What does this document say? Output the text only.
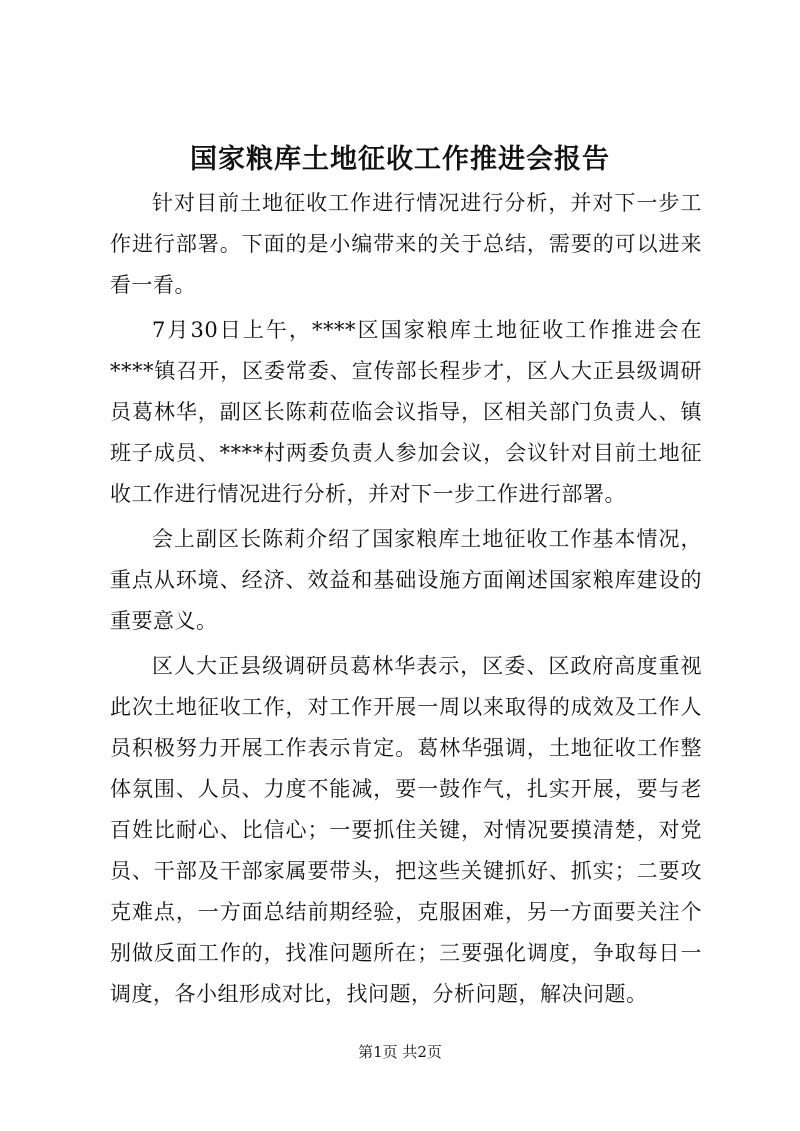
国家粮库土地征收工作推进会报告

针对目前土地征收工作进行情况进行分析，并对下一步工作进行部署。下面的是小编带来的关于总结，需要的可以进来看一看。

7月30日上午，****区国家粮库土地征收工作推进会在****镇召开，区委常委、宣传部长程步才，区人大正县级调研员葛林华，副区长陈莉莅临会议指导，区相关部门负责人、镇班子成员、****村两委负责人参加会议，会议针对目前土地征收工作进行情况进行分析，并对下一步工作进行部署。

会上副区长陈莉介绍了国家粮库土地征收工作基本情况，重点从环境、经济、效益和基础设施方面阐述国家粮库建设的重要意义。

区人大正县级调研员葛林华表示，区委、区政府高度重视此次土地征收工作，对工作开展一周以来取得的成效及工作人员积极努力开展工作表示肯定。葛林华强调，土地征收工作整体氛围、人员、力度不能减，要一鼓作气，扎实开展，要与老百姓比耐心、比信心；一要抓住关键，对情况要摸清楚，对党员、干部及干部家属要带头，把这些关键抓好、抓实；二要攻克难点，一方面总结前期经验，克服困难，另一方面要关注个别做反面工作的，找准问题所在；三要强化调度，争取每日一调度，各小组形成对比，找问题，分析问题，解决问题。

第1页 共2页
